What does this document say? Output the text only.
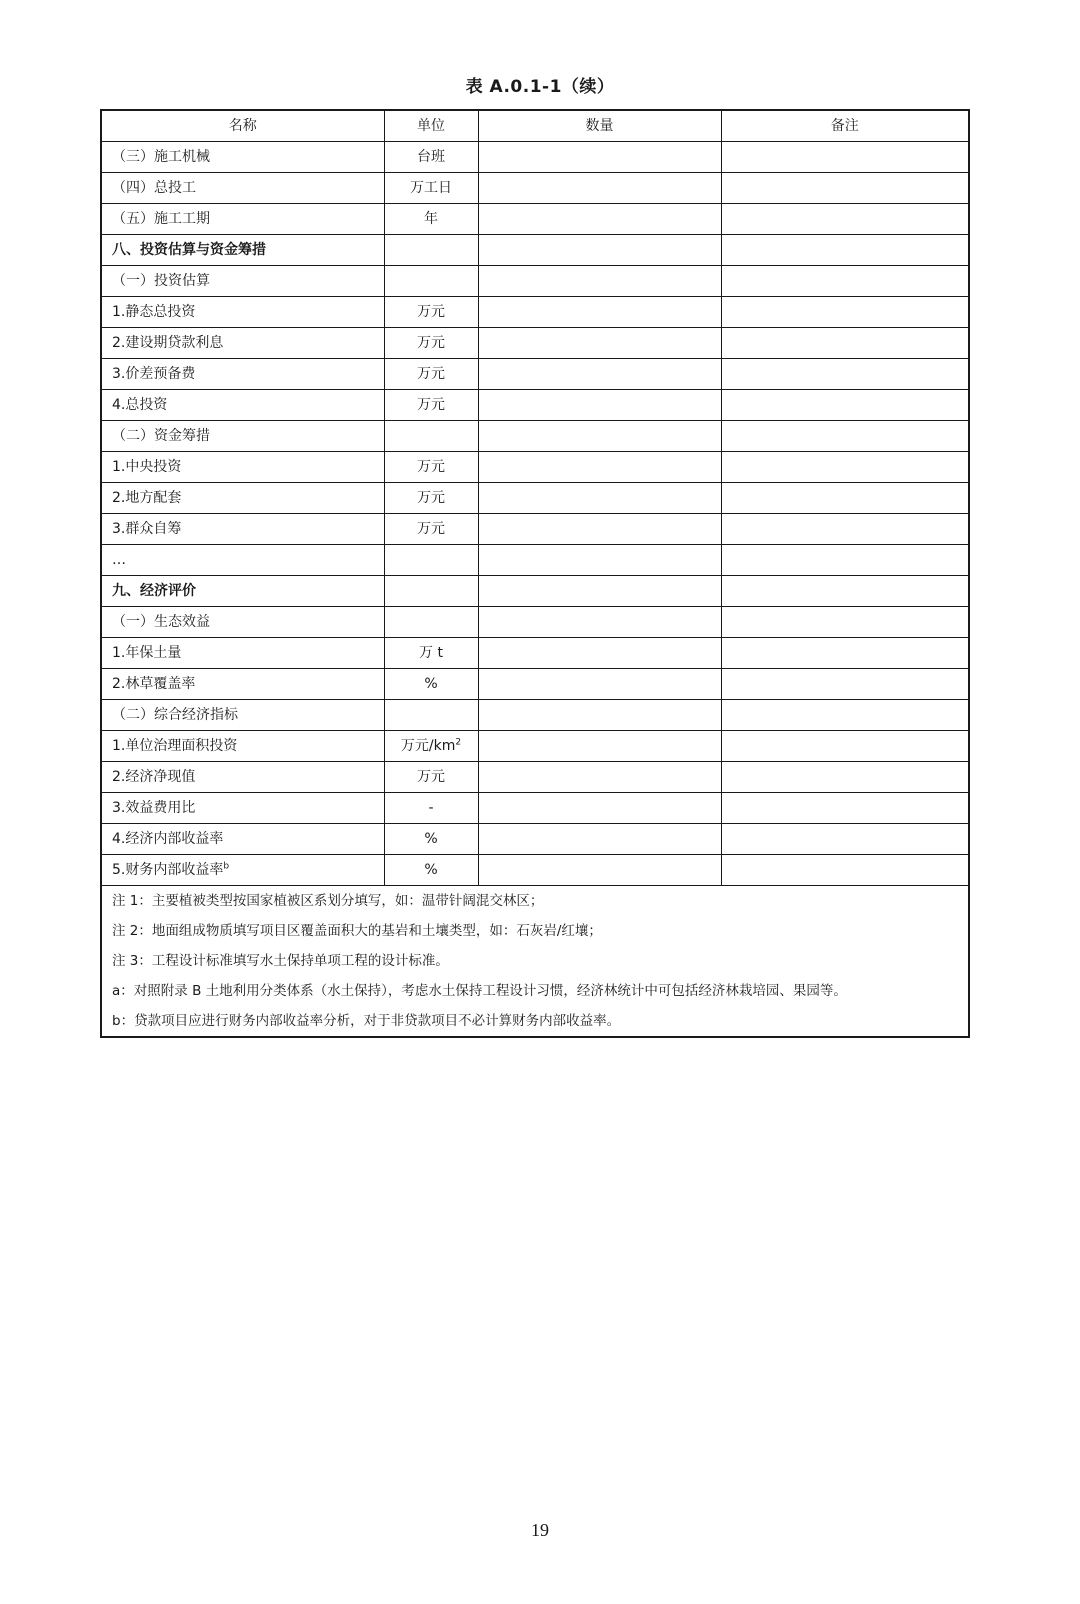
表 A.0.1-1（续）
名称	单位	数量	备注
（三）施工机械	台班		
（四）总投工	万工日		
（五）施工工期	年		
八、投资估算与资金筹措			
（一）投资估算			
1.静态总投资	万元		
2.建设期贷款利息	万元		
3.价差预备费	万元		
4.总投资	万元		
（二）资金筹措			
1.中央投资	万元		
2.地方配套	万元		
3.群众自筹	万元		
…			
九、经济评价			
（一）生态效益			
1.年保土量	万 t		
2.林草覆盖率	%		
（二）综合经济指标			
1.单位治理面积投资	万元$/km^2$		
2.经济净现值	万元		
3.效益费用比	-		
4.经济内部收益率	%		
5.财务内部收益率$^b$	%		

注 1：主要植被类型按国家植被区系划分填写，如：温带针阔混交林区；
注 2：地面组成物质填写项目区覆盖面积大的基岩和土壤类型，如：石灰岩/红壤；
注 3：工程设计标准填写水土保持单项工程的设计标准。
a：对照附录 B 土地利用分类体系（水土保持），考虑水土保持工程设计习惯，经济林统计中可包括经济林栽培园、果园等。
b：贷款项目应进行财务内部收益率分析，对于非贷款项目不必计算财务内部收益率。			
19
